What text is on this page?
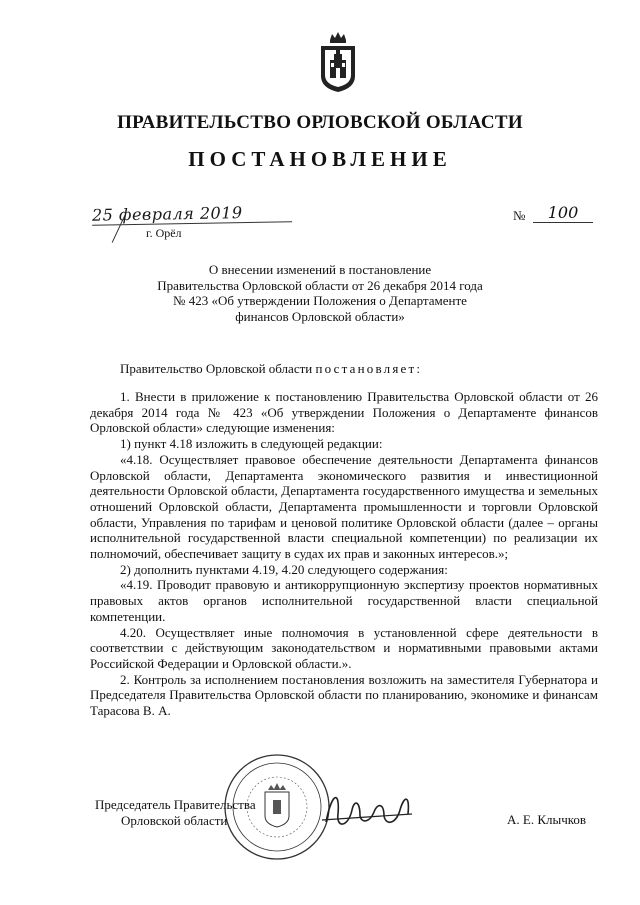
ПРАВИТЕЛЬСТВО ОРЛОВСКОЙ ОБЛАСТИ
ПОСТАНОВЛЕНИЕ
25 февраля 2019
г. Орёл
№	100
О внесении изменений в постановление
Правительства Орловской области от 26 декабря 2014 года
№ 423 «Об утверждении Положения о Департаменте
финансов Орловской области»
Правительство Орловской области постановляет:

1. Внести в приложение к постановлению Правительства Орловской области от 26 декабря 2014 года № 423 «Об утверждении Положения о Департаменте финансов Орловской области» следующие изменения:

1) пункт 4.18 изложить в следующей редакции:

«4.18. Осуществляет правовое обеспечение деятельности Департамента финансов Орловской области, Департамента экономического развития и инвестиционной деятельности Орловской области, Департамента государственного имущества и земельных отношений Орловской области, Департамента промышленности и торговли Орловской области, Управления по тарифам и ценовой политике Орловской области (далее – органы исполнительной государственной власти специальной компетенции) по реализации их полномочий, обеспечивает защиту в судах их прав и законных интересов.»;

2) дополнить пунктами 4.19, 4.20 следующего содержания:

«4.19. Проводит правовую и антикоррупционную экспертизу проектов нормативных правовых актов органов исполнительной государственной власти специальной компетенции.

4.20. Осуществляет иные полномочия в установленной сфере деятельности в соответствии с действующим законодательством и нормативными правовыми актами Российской Федерации и Орловской области.».

2. Контроль за исполнением постановления возложить на заместителя Губернатора и Председателя Правительства Орловской области по планированию, экономике и финансам Тарасова В. А.

Председатель Правительства
Орловской области	А. Е. Клычков
